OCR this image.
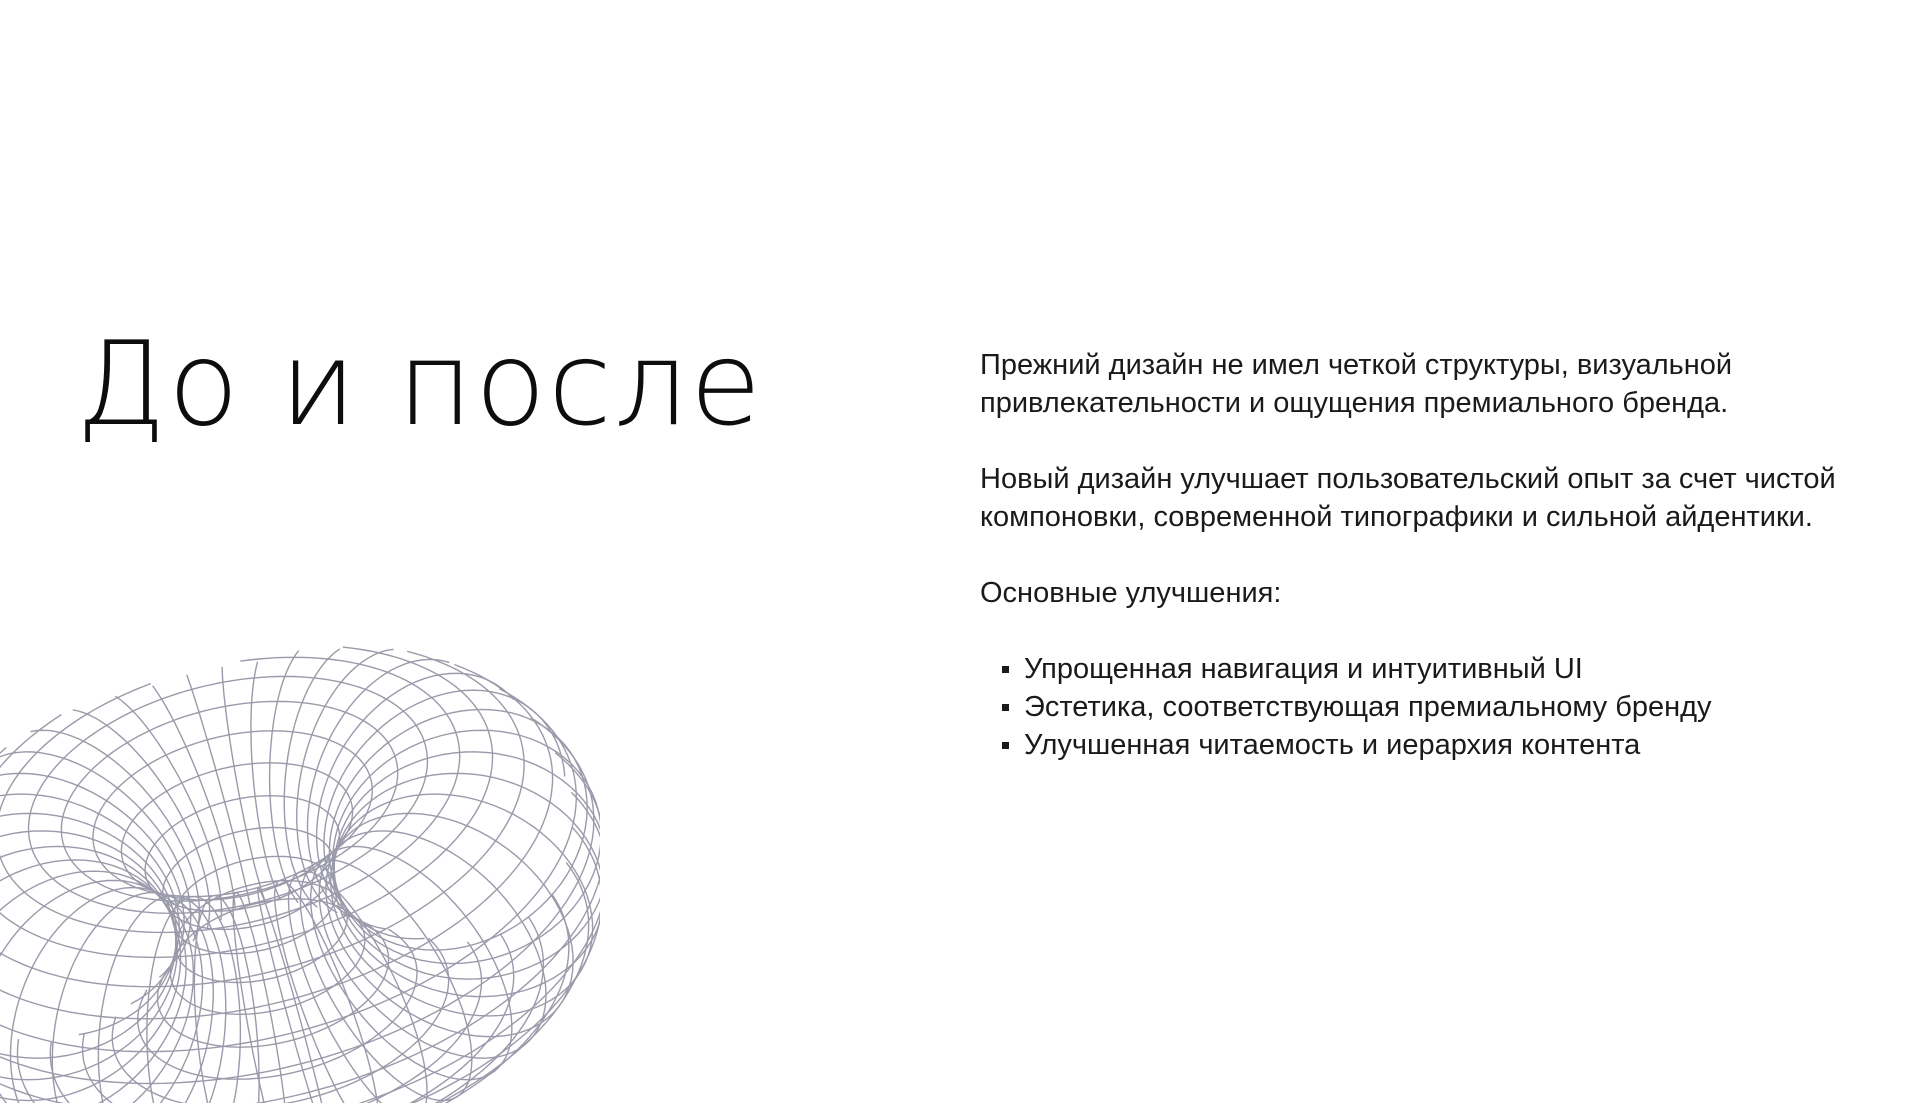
До и после	Прежний дизайн не имел четкой структуры, визуальной привлекательности и ощущения премиального бренда.

Новый дизайн улучшает пользовательский опыт за счет чистой компоновки, современной типографики и сильной айдентики.

Основные улучшения:

Упрощенная навигация и интуитивный UI
Эстетика, соответствующая премиальному бренду
Улучшенная читаемость и иерархия контента
